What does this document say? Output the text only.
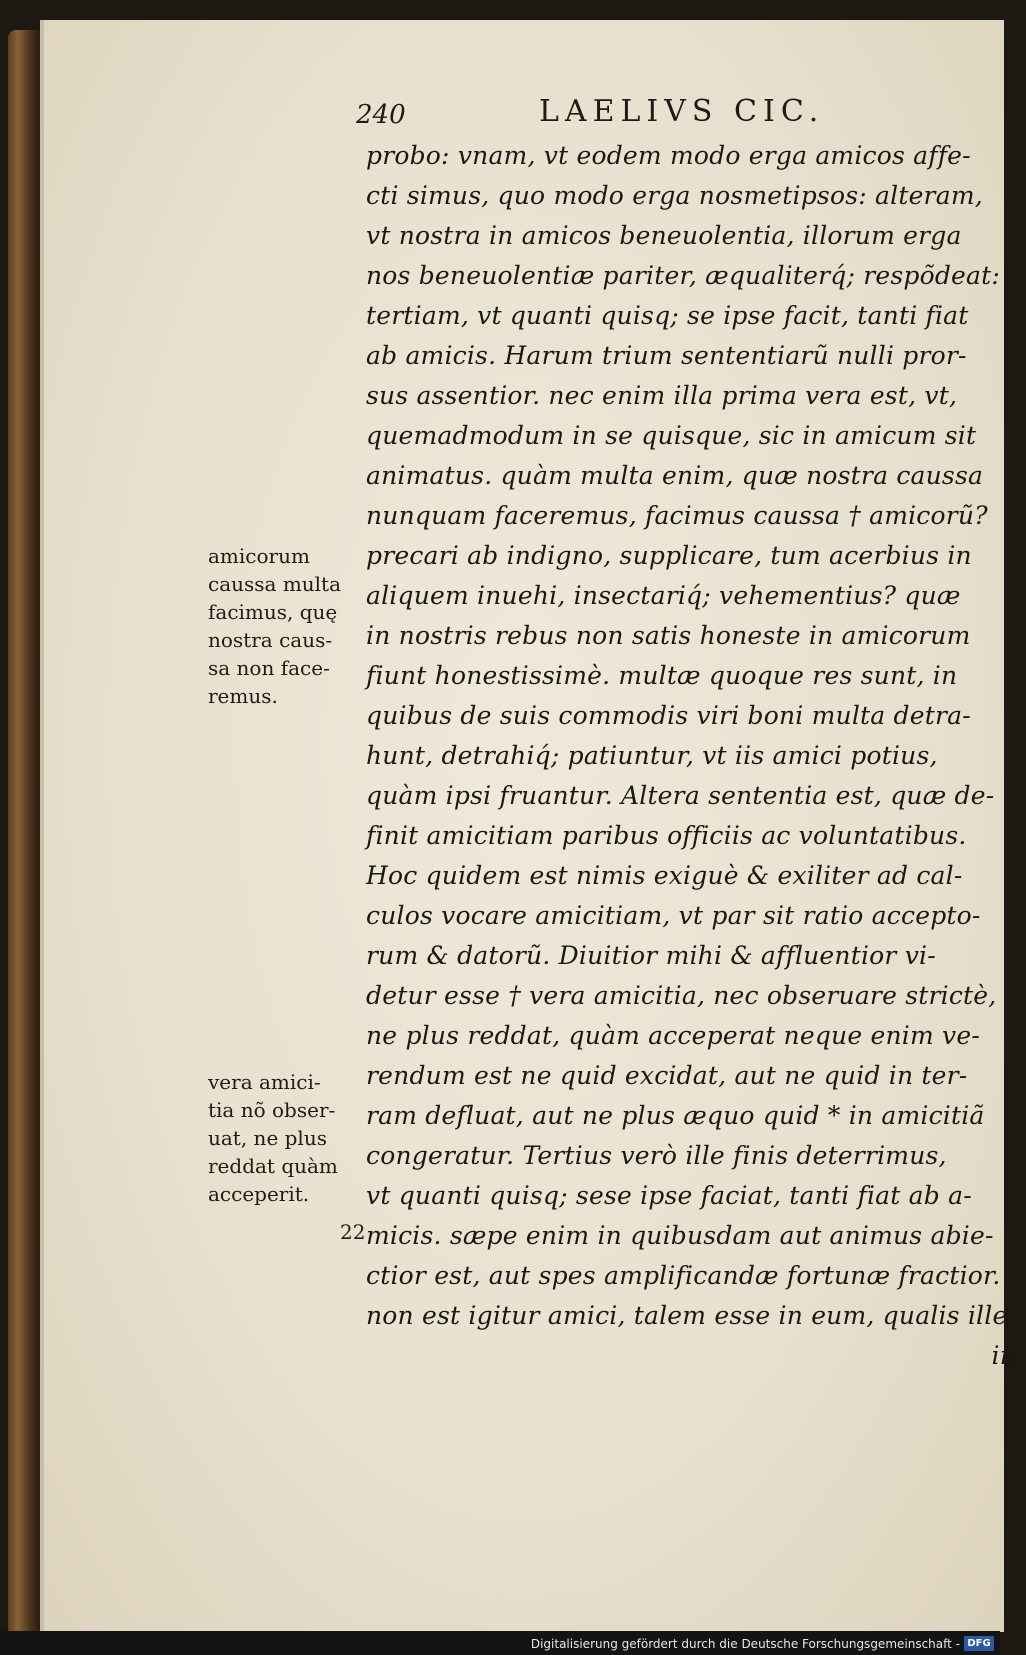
240	LAELIVS CIC.
amicorum
caussa multa
facimus, quę
nostra caus-
sa non face-
remus.
vera amici-
tia nõ obser-
uat, ne plus
reddat quàm
acceperit.
22
probo: vnam, vt eodem modo erga amicos affe-
cti simus, quo modo erga nosmetipsos: alteram,
vt nostra in amicos beneuolentia, illorum erga
nos beneuolentiæ pariter, æqualiterq́; respõdeat:
tertiam, vt quanti quisq; se ipse facit, tanti fiat
ab amicis. Harum trium sententiarũ nulli pror-
sus assentior. nec enim illa prima vera est, vt,
quemadmodum in se quisque, sic in amicum sit
animatus. quàm multa enim, quæ nostra caussa
nunquam faceremus, facimus caussa † amicorũ?
precari ab indigno, supplicare, tum acerbius in
aliquem inuehi, insectariq́; vehementius? quæ
in nostris rebus non satis honeste in amicorum
fiunt honestissimè. multæ quoque res sunt, in
quibus de suis commodis viri boni multa detra-
hunt, detrahiq́; patiuntur, vt iis amici potius,
quàm ipsi fruantur. Altera sententia est, quæ de-
finit amicitiam paribus officiis ac voluntatibus.
Hoc quidem est nimis exiguè & exiliter ad cal-
culos vocare amicitiam, vt par sit ratio accepto-
rum & datorũ. Diuitior mihi & affluentior vi-
detur esse † vera amicitia, nec obseruare strictè,
ne plus reddat, quàm acceperat neque enim ve-
rendum est ne quid excidat, aut ne quid in ter-
ram defluat, aut ne plus æquo quid * in amicitiã
congeratur. Tertius verò ille finis deterrimus,
vt quanti quisq; sese ipse faciat, tanti fiat ab a-
micis. sæpe enim in quibusdam aut animus abie-
ctior est, aut spes amplificandæ fortunæ fractior.
non est igitur amici, talem esse in eum, qualis ille
in
Digitalisierung gefördert durch die Deutsche Forschungsgemeinschaft - DFG
